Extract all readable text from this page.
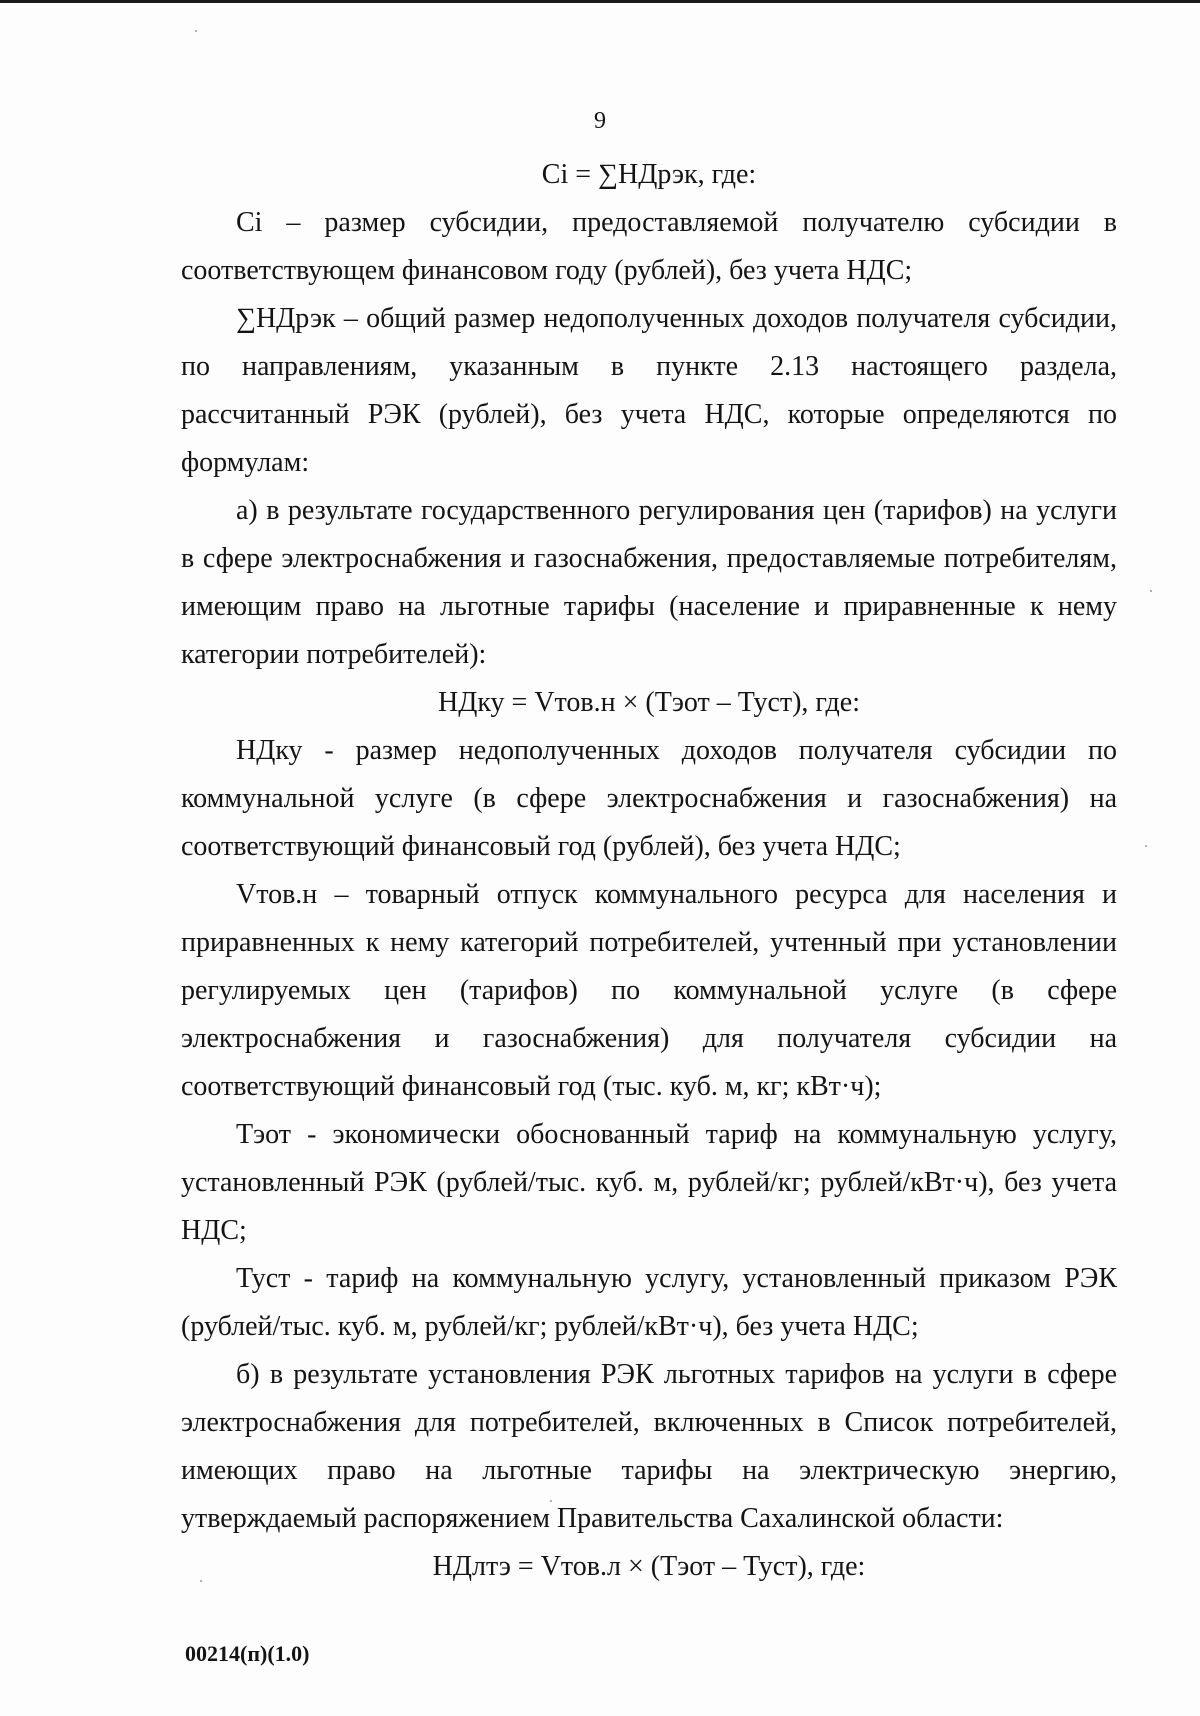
9

Ci = ∑НДрэк, где:

Ci – размер субсидии, предоставляемой получателю субсидии в соответствующем финансовом году (рублей), без учета НДС;

∑НДрэк – общий размер недополученных доходов получателя субсидии, по направлениям, указанным в пункте 2.13 настоящего раздела, рассчитанный РЭК (рублей), без учета НДС, которые определяются по формулам:

а) в результате государственного регулирования цен (тарифов) на услуги в сфере электроснабжения и газоснабжения, предоставляемые потребителям, имеющим право на льготные тарифы (население и приравненные к нему категории потребителей):

НДку = Vтов.н × (Тэот – Туст), где:

НДку - размер недополученных доходов получателя субсидии по коммунальной услуге (в сфере электроснабжения и газоснабжения) на соответствующий финансовый год (рублей), без учета НДС;

Vтов.н – товарный отпуск коммунального ресурса для населения и приравненных к нему категорий потребителей, учтенный при установлении регулируемых цен (тарифов) по коммунальной услуге (в сфере электроснабжения и газоснабжения) для получателя субсидии на соответствующий финансовый год (тыс. куб. м, кг; кВт·ч);

Тэот - экономически обоснованный тариф на коммунальную услугу, установленный РЭК (рублей/тыс. куб. м, рублей/кг; рублей/кВт·ч), без учета НДС;

Туст - тариф на коммунальную услугу, установленный приказом РЭК (рублей/тыс. куб. м, рублей/кг; рублей/кВт·ч), без учета НДС;

б) в результате установления РЭК льготных тарифов на услуги в сфере электроснабжения для потребителей, включенных в Список потребителей, имеющих право на льготные тарифы на электрическую энергию, утверждаемый распоряжением Правительства Сахалинской области:

НДлтэ = Vтов.л × (Тэот – Туст), где:

00214(п)(1.0)
